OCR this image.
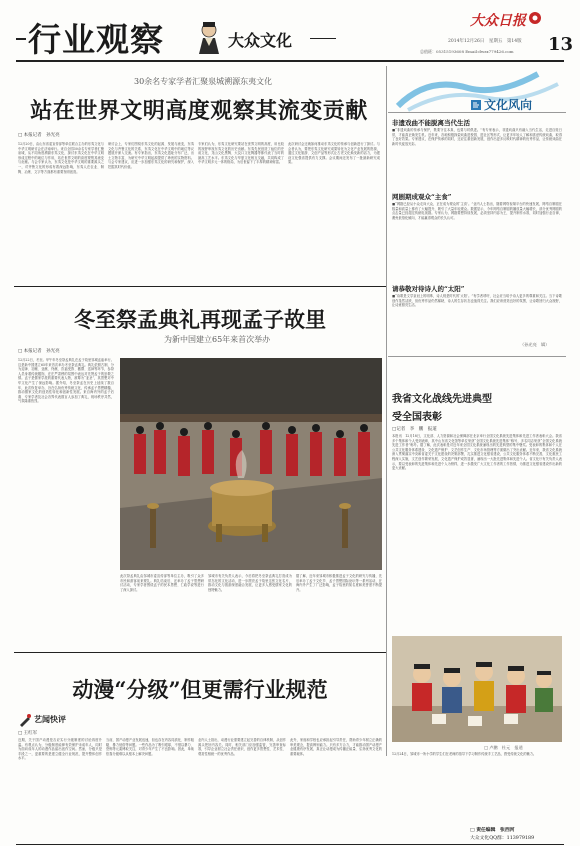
行业观察	大众文化
大众日报
2014年12月26日　星期五　第14版
总值班：05315193608 Email:dwzx779426.com 13
30余名专家学者汇聚泉城溯源东夷文化
站在世界文明高度观察其流变贡献
□ 本报记者　孙光亮
12月20日，由山东省委宣传部等单位联合主办的东夷文化与中华文明研讨会在济南举行。来自全国30余名专家学者汇聚泉城，从不同角度溯源东夷文化，探讨东夷文化在中华文明形成过程中的地位与作用，站在世界文明的高度观察其流变与贡献。与会专家认为，东夷文化是中华文明的重要源头之一，对齐鲁文化的形成有着深远影响，东夷人在农业、制陶、冶炼、文字等方面都有重要发明创造。
研讨会上，专家们围绕东夷文化的起源、发展与流变，东夷文化与齐鲁文化的关系，东夷文化在中华文明中的地位等议题展开深入交流。有专家指出，东夷文化遗址分布广泛，出土文物丰富，为研究中华文明起源提供了珍贵的实物资料。与会专家建议，应进一步加强东夷文化的研究和保护，深入挖掘其时代价值。
专家们认为，东夷文化研究要站在世界文明的高度，用比较的视野审视东夷文化的历史贡献。东夷先民创造了灿烂的史前文化，龙山文化黑陶、大汶口文化陶器等都代表了当时的最高工艺水平。东夷文化与华夏文化相互交融，共同构成了中华文明多元一体的格局，为后世留下了丰厚的精神财富。
此次研讨会还就如何推动东夷文化的传承与创新进行了探讨。与会者认为，要把东夷文化研究成果转化为文化产业发展的资源，通过文化旅游、文创产品等形式让古老文化焕发新的活力，为建设文化强省提供有力支撑。会议期间还发布了一批最新研究成果。
文化风向
非遗戏曲不能脱离当代生活
■“非遗戏曲的传承与保护，既要守住本真，也要与时俱进。”有专家表示，非遗戏曲只有融入当代生活，走进百姓日常，才能真正焕发生机。近年来，各地积极探索戏曲进校园、进社区等形式，让更多年轻人了解和喜爱传统戏曲，取得了良好效果。专家建议，在保护传承的同时，还应注重创新发展，创作出更多反映时代精神的优秀作品，让传统戏曲在新时代绽放光彩。
网剧期成观众“主食”
■“网剧已经从小众走向大众，正在成为观众的‘主食’。”业内人士指出，随着网络视频平台的快速发展，网络自制剧在数量和质量上都有了大幅提升，吸引了大量年轻观众。数据显示，今年网络自制剧的播放量大幅增长，部分优秀网剧的点击量已经超过传统电视剧。专家认为，网剧要想持续发展，必须坚持内容为王，提升制作水准，同时加强行业自律，避免低俗化倾向，才能赢得观众的长久认可。
请恭敬对待诗人的“太阳”
■“诗歌是文学皇冠上的明珠，诗人则是时代的‘太阳’。”有学者呼吁，社会应当给予诗人更多的尊重和关注。当下诗歌创作虽然活跃，但优秀作品仍然稀缺，诗人的生存状态也值得关注。我们应该营造良好的氛围，让诗歌回归大众视野，让诗意照亮生活。
（孙光亮　辑）
冬至祭孟典礼再现孟子故里
为新中国建立65年来首次举办
□ 本报记者　孙光亮
12月22日，冬至。甲午年冬至祭孟典礼在孟子故里邹城孟庙举行。这是新中国建立65年来首次举办冬至祭孟典礼。典礼依照古制，分为迎神、初献、亚献、终献、饮福受胙、撤馔、送神等环节，参祭人员身着传统服饰，在庄严肃穆的氛围中表达对先贤孟子的崇敬之情。孟子是儒家学派的重要代表人物，被尊为“亚圣”，其思想对中华文化产生了深远影响。据介绍，冬至祭孟在历史上延续了数百年，此次恢复举办，旨在弘扬优秀传统文化，传承孟子思想精髓，推动儒家文化的创造性转化和创新性发展。来自海内外的孟子后裔、专家学者及社会各界代表数百人参加了典礼，现场秩序井然，气氛隆重热烈。
此次祭孟典礼由邹城市委宣传部等单位主办，吸引了众多市民和游客前来观礼。典礼结束后，还举办了孟子思想研讨活动，专家学者围绕孟子的民本思想、仁政学说等进行了深入探讨。
邹城市有关负责人表示，今后将把冬至祭孟典礼打造成为常态化的文化活动，进一步擦亮孟子故里这张文化名片，推动文化与旅游深度融合发展，让更多人感受儒家文化的独特魅力。
据了解，近年来邹城市积极推进孟子文化的研究与传播，先后举办了孟子文化节、孟子思想国际论坛等一系列活动，在海内外产生了广泛影响，孟子故里的知名度和美誉度不断提升。
我省文化战线先进典型
受全国表彰
□记者　李　鹏　报道
本报讯　12月18日，文化部、人力资源和社会保障部在北京举行全国文化系统先进集体和先进工作者表彰大会。我省多个集体和个人受到表彰，其中山东省文化馆等单位荣获“全国文化系统先进集体”称号，多名同志荣获“全国文化系统先进工作者”称号。据了解，此次表彰是对近年来全国文化系统涌现出的先进典型的集中褒奖。受表彰的集体和个人在公共文化服务体系建设、文化遗产保护、文艺创作生产、文化市场管理等方面做出了突出贡献。近年来，我省文化系统深入贯彻落实中央和省委关于文化建设的决策部署，扎实推进文化强省建设，公共文化服务体系不断完善，文化惠民工程深入实施，文艺创作繁荣发展，文化遗产保护成效显著，涌现出一大批先进集体和先进个人。省文化厅有关负责人表示，要以受表彰的先进集体和先进个人为榜样，进一步激发广大文化工作者的工作热情，为推进文化强省建设作出新的更大贡献。
□ 卢鹏　杜元　报道
12月24日，邹城市一所小学的学生们在老师的指导下学习制作传统手工艺品，感受传统文化的魅力。
动漫“分级”但更需行业规范
艺闻快评
□ 王红军
近期，关于国产动漫是否应实行分级制度的讨论再度升温。有观点认为，分级制度能够有效保护未成年人，同时为面向成年人的动漫作品留出创作空间。然而，分级只是手段之一，更重要的是建立健全行业规范，提升整体创作水平。
当前，国产动漫产业发展迅速，但也存在内容同质化、制作粗糙、暴力低俗等问题。一些作品为了吸引眼球，不惜以暴力、恐怖等元素博取关注，对青少年产生了不良影响。因此，单纯依靠分级难以从根本上解决问题。
业内人士指出，动漫行业需要建立起完善的自律机制，从创作源头把好内容关。同时，相关部门应加强监管，完善审查标准，引导企业树立社会责任意识，创作更多思想性、艺术性、观赏性相统一的优秀作品。
此外，家庭和学校也应承担起引导责任，帮助青少年树立正确的审美观念，提高辨别能力。只有多方合力，才能推动国产动漫产业健康有序发展，真正让动漫成为传播正能量、弘扬优秀文化的重要载体。
□ 责任编辑　张西河
大众文化QQ群：113979189
